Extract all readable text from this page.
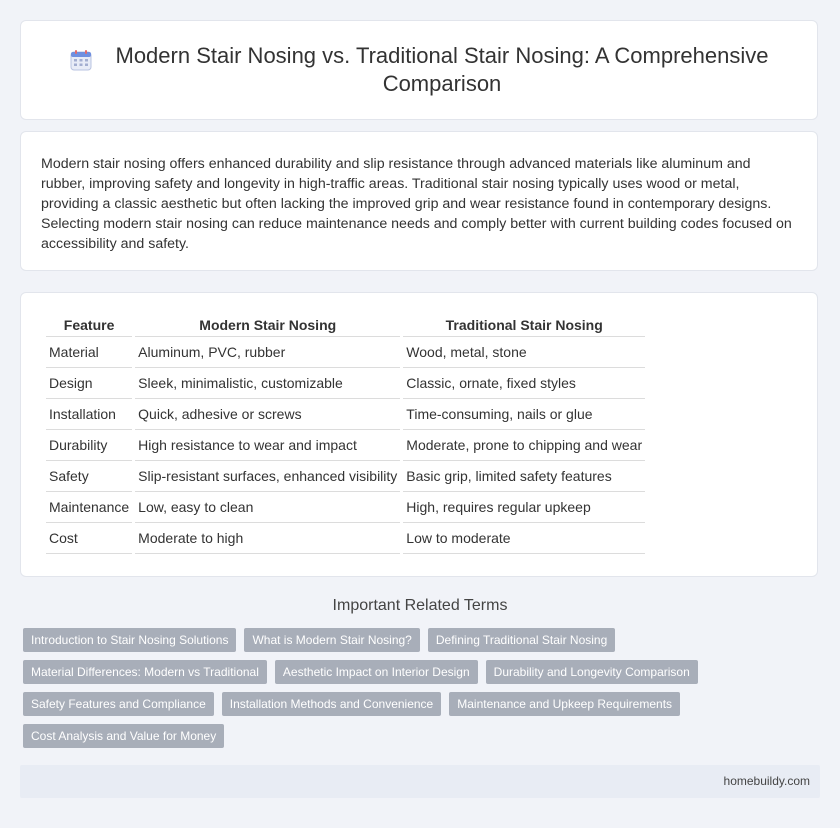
Modern Stair Nosing vs. Traditional Stair Nosing: A Comprehensive Comparison

Modern stair nosing offers enhanced durability and slip resistance through advanced materials like aluminum and rubber, improving safety and longevity in high-traffic areas. Traditional stair nosing typically uses wood or metal, providing a classic aesthetic but often lacking the improved grip and wear resistance found in contemporary designs. Selecting modern stair nosing can reduce maintenance needs and comply better with current building codes focused on accessibility and safety.

Feature	Modern Stair Nosing	Traditional Stair Nosing
Material	Aluminum, PVC, rubber	Wood, metal, stone
Design	Sleek, minimalistic, customizable	Classic, ornate, fixed styles
Installation	Quick, adhesive or screws	Time-consuming, nails or glue
Durability	High resistance to wear and impact	Moderate, prone to chipping and wear
Safety	Slip-resistant surfaces, enhanced visibility	Basic grip, limited safety features
Maintenance	Low, easy to clean	High, requires regular upkeep
Cost	Moderate to high	Low to moderate
Important Related Terms
Introduction to Stair Nosing Solutions	What is Modern Stair Nosing?	Defining Traditional Stair Nosing
Material Differences: Modern vs Traditional	Aesthetic Impact on Interior Design	Durability and Longevity Comparison
Safety Features and Compliance	Installation Methods and Convenience	Maintenance and Upkeep Requirements
Cost Analysis and Value for Money
homebuildy.com
